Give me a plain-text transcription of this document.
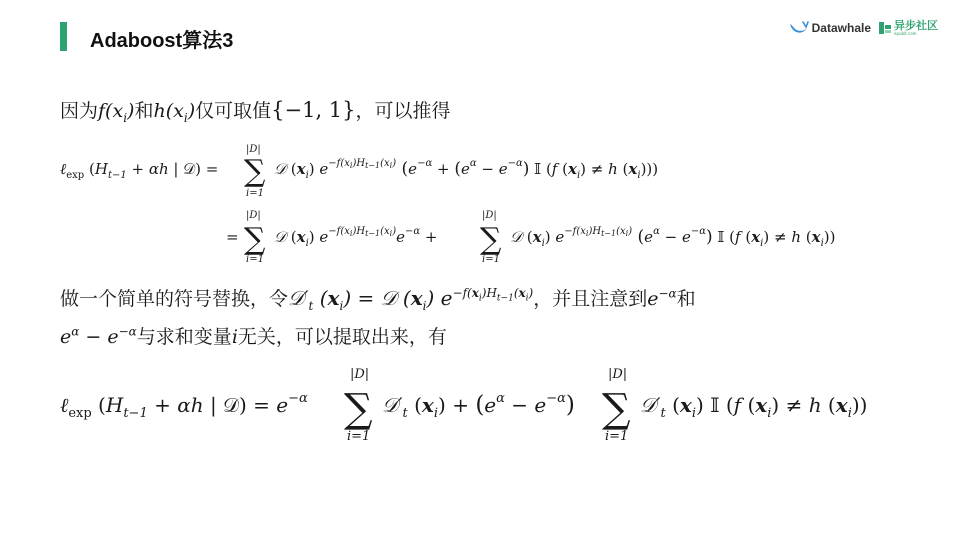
Adaboost算法3
Datawhale 异步社区
epubit.com
因为$f(x_i)$和$h(x_i)$仅可取值{−1, 1}，可以推得
ℓ$_{exp}$ ($H_{t-1} + \alpha h$ | 𝒟) =
|D|
i=1
∑ 𝒟 $(x_i)$ $e^{-f(x}i)Ht-1(xi)$ ($e^{-\alpha} + (e^\alpha - e^{-\alpha})$ 𝕀 (f $(x_i) \ne h$ $(x_i)$))
=
|D|
i=1
∑ 𝒟 $(x_i) e^{-f(x}i)Ht-1(xi)e^{-\alpha}$ +
|D|
i=1
∑ 𝒟 $(x_i)$ $e^{-f(x}i)Ht-1(xi)$ $(e^\alpha - e^{-\alpha})$ 𝕀 (f $(x_i) \ne h$ $(x_i)$)
做一个简单的符号替换，令$𝒟'_t$ $(x_i)$ = 𝒟 $(x_i)$ $e^{-f(x_i)H_{t-1}(x_i)}$，并且注意到$e^{-\alpha}$和
$e^\alpha - e^{-\alpha}$与求和变量i无关，可以提取出来，有
ℓ$_{exp}$ ($H_{t-1} + \alpha h$ | 𝒟) = $e^{-\alpha}$
|D|
i=1
∑ $𝒟'_t$ $(x_i) + (e^\alpha - e^{-\alpha})$
|D|
i=1
∑ $𝒟'_t$ $(x_i)$ 𝕀 (f $(x_i) \ne h$ $(x_i)$)
